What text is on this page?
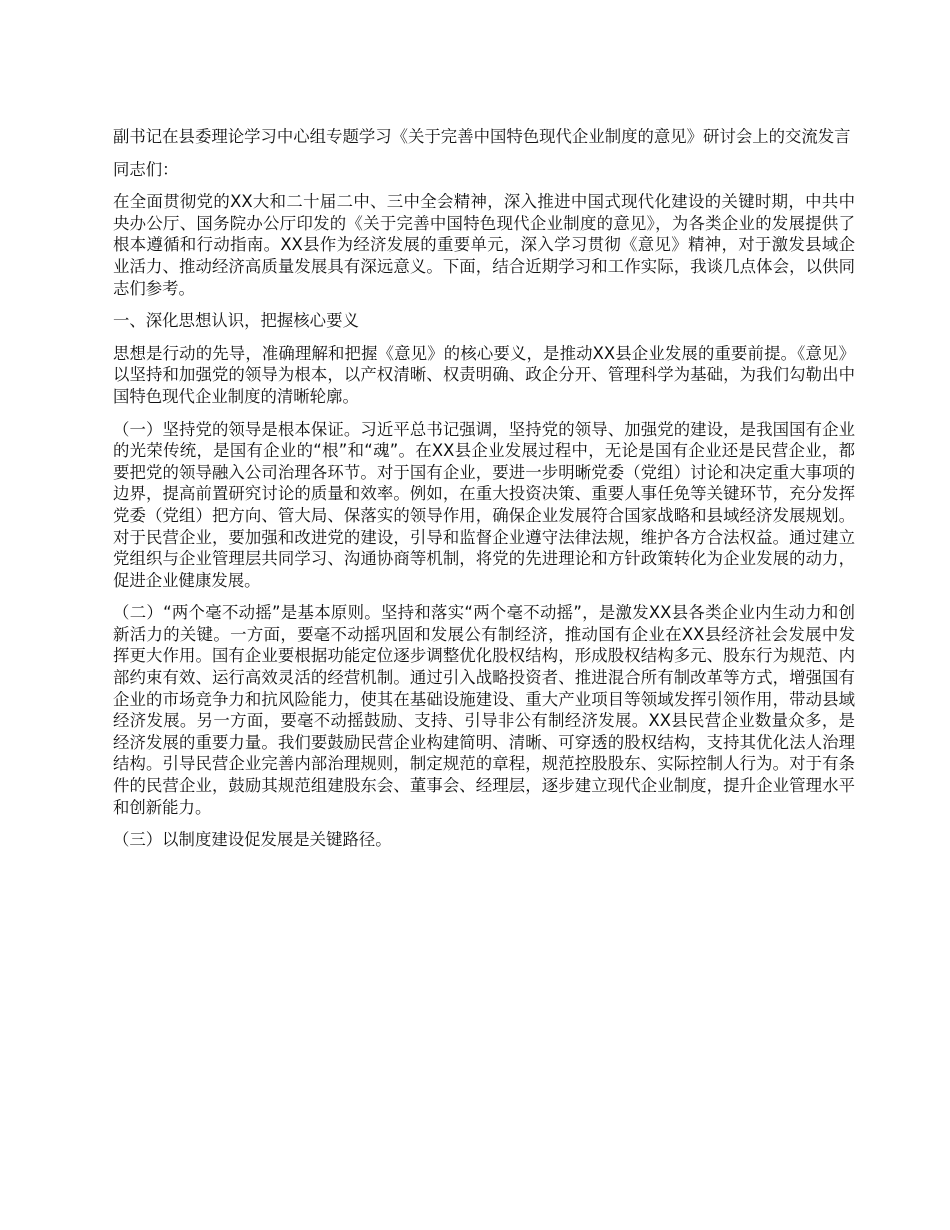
副书记在县委理论学习中心组专题学习《关于完善中国特色现代企业制度的意见》研讨会上的交流发言
同志们：
在全面贯彻党的XX大和二十届二中、三中全会精神，深入推进中国式现代化建设的关键时期，中共中央办公厅、国务院办公厅印发的《关于完善中国特色现代企业制度的意见》，为各类企业的发展提供了根本遵循和行动指南。XX县作为经济发展的重要单元，深入学习贯彻《意见》精神，对于激发县域企业活力、推动经济高质量发展具有深远意义。下面，结合近期学习和工作实际，我谈几点体会，以供同志们参考。
一、深化思想认识，把握核心要义
思想是行动的先导，准确理解和把握《意见》的核心要义，是推动XX县企业发展的重要前提。《意见》以坚持和加强党的领导为根本，以产权清晰、权责明确、政企分开、管理科学为基础，为我们勾勒出中国特色现代企业制度的清晰轮廓。
（一）坚持党的领导是根本保证。习近平总书记强调，坚持党的领导、加强党的建设，是我国国有企业的光荣传统，是国有企业的“根”和“魂”。在XX县企业发展过程中，无论是国有企业还是民营企业，都要把党的领导融入公司治理各环节。对于国有企业，要进一步明晰党委（党组）讨论和决定重大事项的边界，提高前置研究讨论的质量和效率。例如，在重大投资决策、重要人事任免等关键环节，充分发挥党委（党组）把方向、管大局、保落实的领导作用，确保企业发展符合国家战略和县域经济发展规划。对于民营企业，要加强和改进党的建设，引导和监督企业遵守法律法规，维护各方合法权益。通过建立党组织与企业管理层共同学习、沟通协商等机制，将党的先进理论和方针政策转化为企业发展的动力，促进企业健康发展。
（二）“两个毫不动摇”是基本原则。坚持和落实“两个毫不动摇”，是激发XX县各类企业内生动力和创新活力的关键。一方面，要毫不动摇巩固和发展公有制经济，推动国有企业在XX县经济社会发展中发挥更大作用。国有企业要根据功能定位逐步调整优化股权结构，形成股权结构多元、股东行为规范、内部约束有效、运行高效灵活的经营机制。通过引入战略投资者、推进混合所有制改革等方式，增强国有企业的市场竞争力和抗风险能力，使其在基础设施建设、重大产业项目等领域发挥引领作用，带动县域经济发展。另一方面，要毫不动摇鼓励、支持、引导非公有制经济发展。XX县民营企业数量众多，是经济发展的重要力量。我们要鼓励民营企业构建简明、清晰、可穿透的股权结构，支持其优化法人治理结构。引导民营企业完善内部治理规则，制定规范的章程，规范控股股东、实际控制人行为。对于有条件的民营企业，鼓励其规范组建股东会、董事会、经理层，逐步建立现代企业制度，提升企业管理水平和创新能力。
（三）以制度建设促发展是关键路径。
